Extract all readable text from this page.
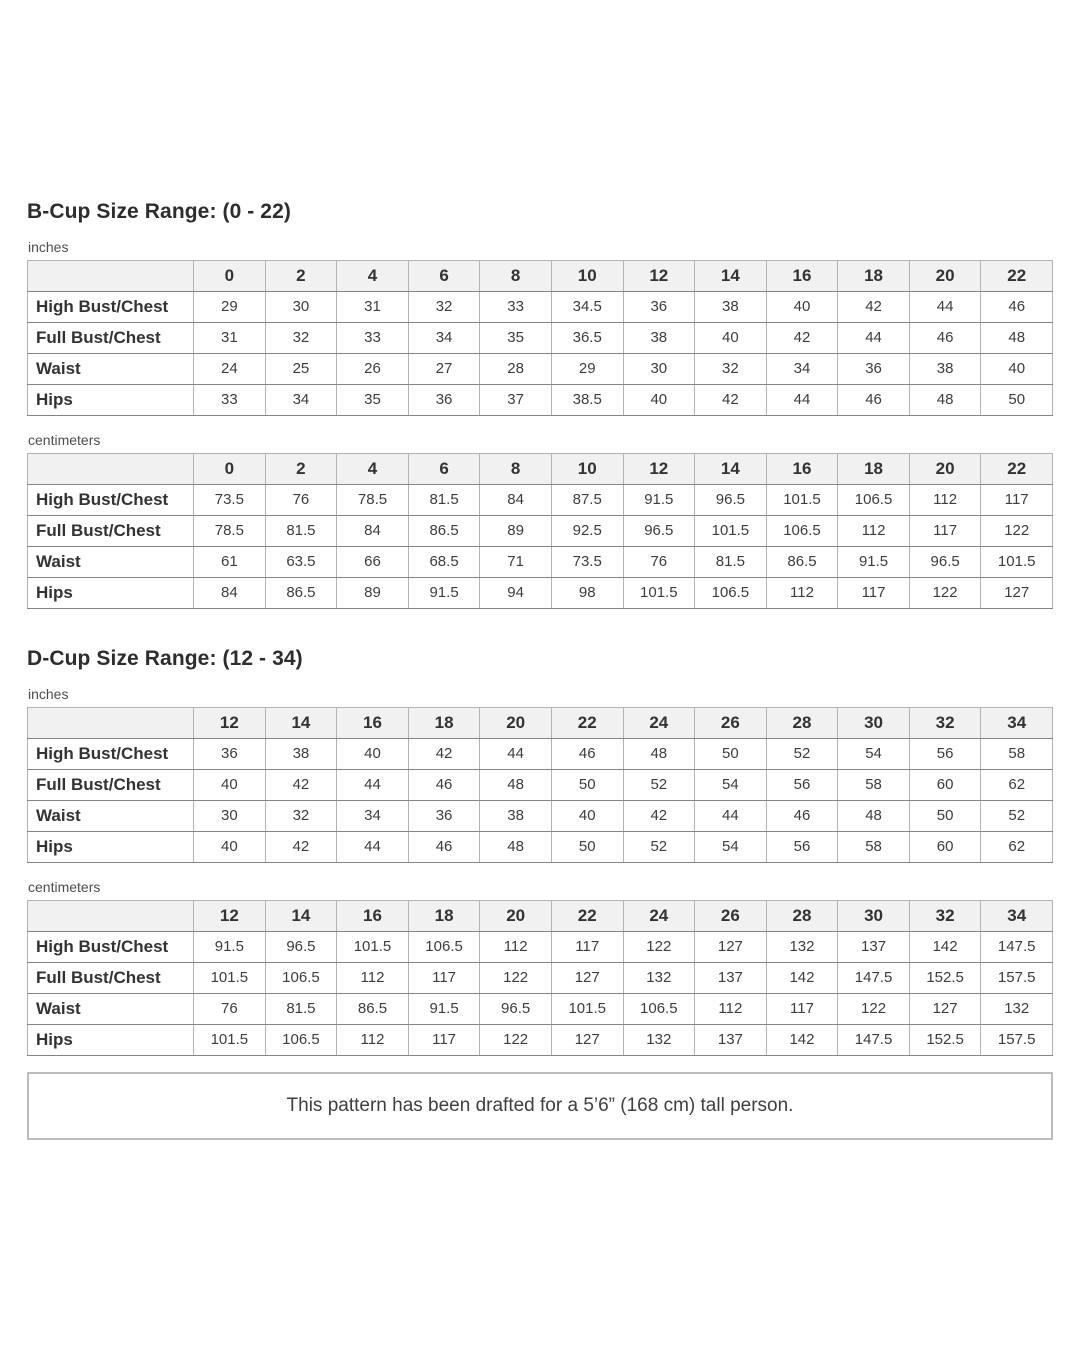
B-Cup Size Range: (0 - 22)
inches
	0	2	4	6	8	10	12	14	16	18	20	22
High Bust/Chest	29	30	31	32	33	34.5	36	38	40	42	44	46
Full Bust/Chest	31	32	33	34	35	36.5	38	40	42	44	46	48
Waist	24	25	26	27	28	29	30	32	34	36	38	40
Hips	33	34	35	36	37	38.5	40	42	44	46	48	50
centimeters
	0	2	4	6	8	10	12	14	16	18	20	22
High Bust/Chest	73.5	76	78.5	81.5	84	87.5	91.5	96.5	101.5	106.5	112	117
Full Bust/Chest	78.5	81.5	84	86.5	89	92.5	96.5	101.5	106.5	112	117	122
Waist	61	63.5	66	68.5	71	73.5	76	81.5	86.5	91.5	96.5	101.5
Hips	84	86.5	89	91.5	94	98	101.5	106.5	112	117	122	127
D-Cup Size Range: (12 - 34)
inches
	12	14	16	18	20	22	24	26	28	30	32	34
High Bust/Chest	36	38	40	42	44	46	48	50	52	54	56	58
Full Bust/Chest	40	42	44	46	48	50	52	54	56	58	60	62
Waist	30	32	34	36	38	40	42	44	46	48	50	52
Hips	40	42	44	46	48	50	52	54	56	58	60	62
centimeters
	12	14	16	18	20	22	24	26	28	30	32	34
High Bust/Chest	91.5	96.5	101.5	106.5	112	117	122	127	132	137	142	147.5
Full Bust/Chest	101.5	106.5	112	117	122	127	132	137	142	147.5	152.5	157.5
Waist	76	81.5	86.5	91.5	96.5	101.5	106.5	112	117	122	127	132
Hips	101.5	106.5	112	117	122	127	132	137	142	147.5	152.5	157.5
This pattern has been drafted for a 5’6” (168 cm) tall person.
